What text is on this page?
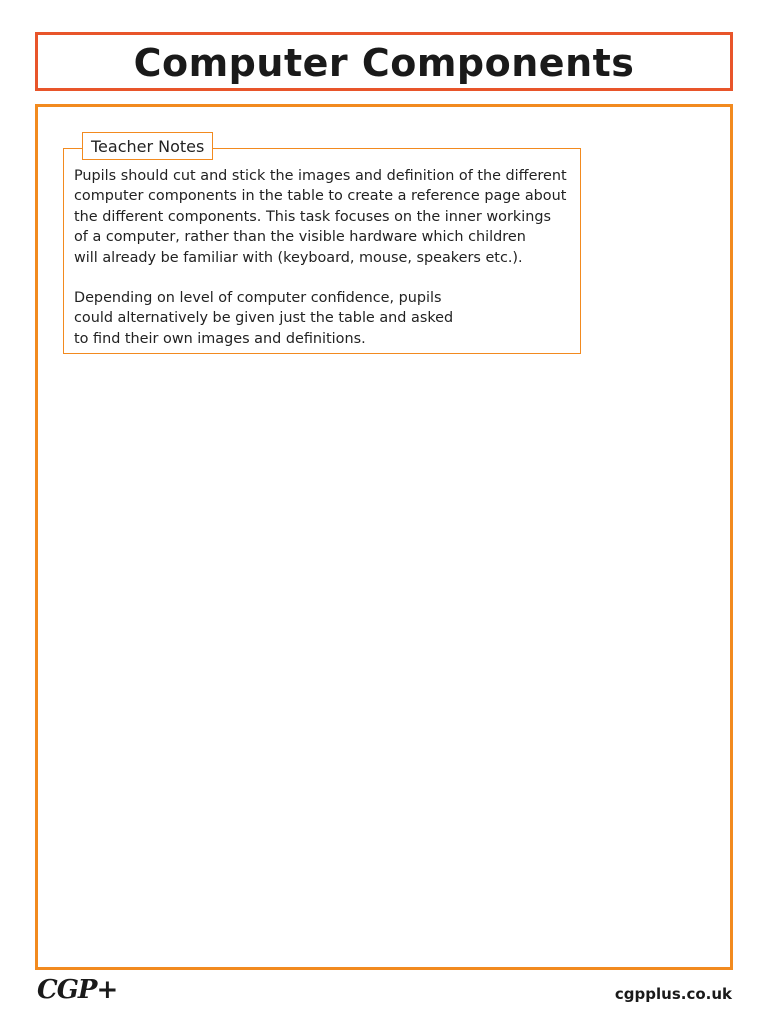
Computer Components
Teacher Notes

Pupils should cut and stick the images and definition of the different
computer components in the table to create a reference page about
the different components. This task focuses on the inner workings
of a computer, rather than the visible hardware which children
will already be familiar with (keyboard, mouse, speakers etc.).

Depending on level of computer confidence, pupils
could alternatively be given just the table and asked
to find their own images and definitions.

CGP+	cgpplus.co.uk
